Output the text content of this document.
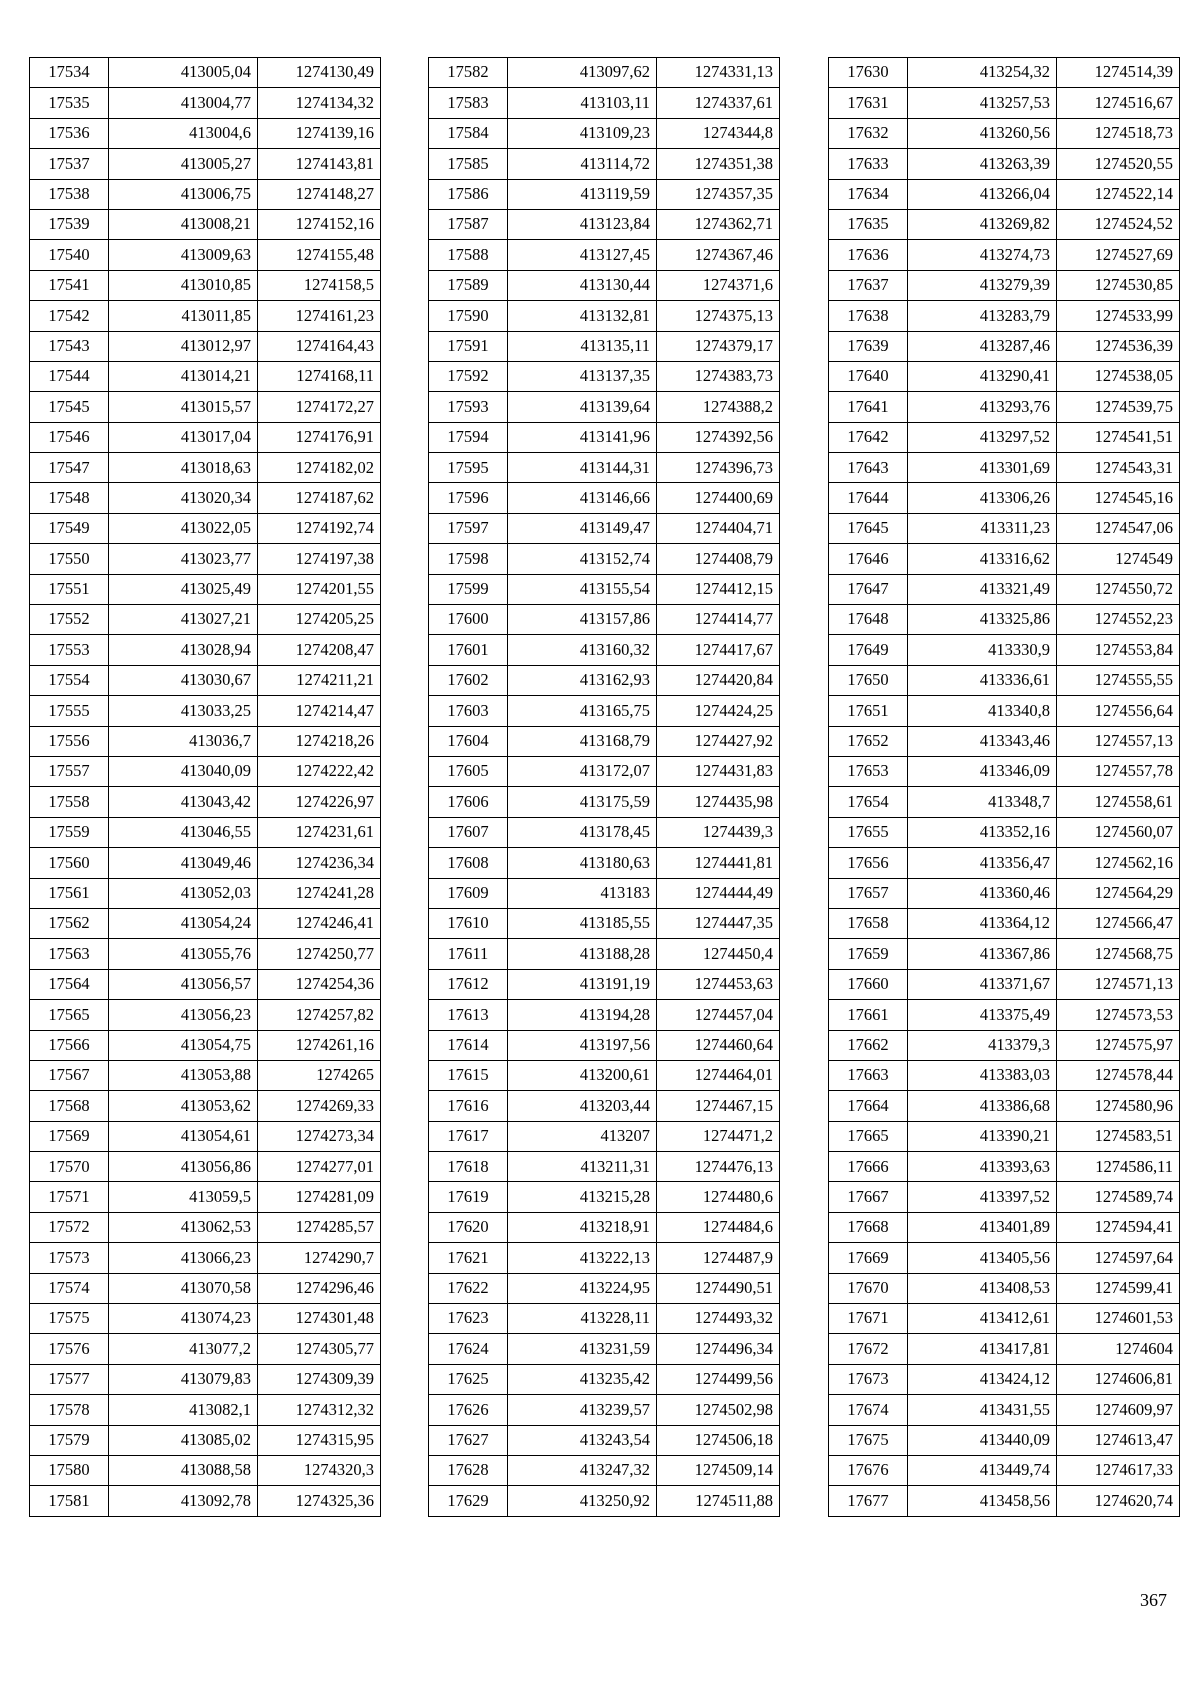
17534	413005,04	1274130,49
17535	413004,77	1274134,32
17536	413004,6	1274139,16
17537	413005,27	1274143,81
17538	413006,75	1274148,27
17539	413008,21	1274152,16
17540	413009,63	1274155,48
17541	413010,85	1274158,5
17542	413011,85	1274161,23
17543	413012,97	1274164,43
17544	413014,21	1274168,11
17545	413015,57	1274172,27
17546	413017,04	1274176,91
17547	413018,63	1274182,02
17548	413020,34	1274187,62
17549	413022,05	1274192,74
17550	413023,77	1274197,38
17551	413025,49	1274201,55
17552	413027,21	1274205,25
17553	413028,94	1274208,47
17554	413030,67	1274211,21
17555	413033,25	1274214,47
17556	413036,7	1274218,26
17557	413040,09	1274222,42
17558	413043,42	1274226,97
17559	413046,55	1274231,61
17560	413049,46	1274236,34
17561	413052,03	1274241,28
17562	413054,24	1274246,41
17563	413055,76	1274250,77
17564	413056,57	1274254,36
17565	413056,23	1274257,82
17566	413054,75	1274261,16
17567	413053,88	1274265
17568	413053,62	1274269,33
17569	413054,61	1274273,34
17570	413056,86	1274277,01
17571	413059,5	1274281,09
17572	413062,53	1274285,57
17573	413066,23	1274290,7
17574	413070,58	1274296,46
17575	413074,23	1274301,48
17576	413077,2	1274305,77
17577	413079,83	1274309,39
17578	413082,1	1274312,32
17579	413085,02	1274315,95
17580	413088,58	1274320,3
17581	413092,78	1274325,36
17582	413097,62	1274331,13
17583	413103,11	1274337,61
17584	413109,23	1274344,8
17585	413114,72	1274351,38
17586	413119,59	1274357,35
17587	413123,84	1274362,71
17588	413127,45	1274367,46
17589	413130,44	1274371,6
17590	413132,81	1274375,13
17591	413135,11	1274379,17
17592	413137,35	1274383,73
17593	413139,64	1274388,2
17594	413141,96	1274392,56
17595	413144,31	1274396,73
17596	413146,66	1274400,69
17597	413149,47	1274404,71
17598	413152,74	1274408,79
17599	413155,54	1274412,15
17600	413157,86	1274414,77
17601	413160,32	1274417,67
17602	413162,93	1274420,84
17603	413165,75	1274424,25
17604	413168,79	1274427,92
17605	413172,07	1274431,83
17606	413175,59	1274435,98
17607	413178,45	1274439,3
17608	413180,63	1274441,81
17609	413183	1274444,49
17610	413185,55	1274447,35
17611	413188,28	1274450,4
17612	413191,19	1274453,63
17613	413194,28	1274457,04
17614	413197,56	1274460,64
17615	413200,61	1274464,01
17616	413203,44	1274467,15
17617	413207	1274471,2
17618	413211,31	1274476,13
17619	413215,28	1274480,6
17620	413218,91	1274484,6
17621	413222,13	1274487,9
17622	413224,95	1274490,51
17623	413228,11	1274493,32
17624	413231,59	1274496,34
17625	413235,42	1274499,56
17626	413239,57	1274502,98
17627	413243,54	1274506,18
17628	413247,32	1274509,14
17629	413250,92	1274511,88
17630	413254,32	1274514,39
17631	413257,53	1274516,67
17632	413260,56	1274518,73
17633	413263,39	1274520,55
17634	413266,04	1274522,14
17635	413269,82	1274524,52
17636	413274,73	1274527,69
17637	413279,39	1274530,85
17638	413283,79	1274533,99
17639	413287,46	1274536,39
17640	413290,41	1274538,05
17641	413293,76	1274539,75
17642	413297,52	1274541,51
17643	413301,69	1274543,31
17644	413306,26	1274545,16
17645	413311,23	1274547,06
17646	413316,62	1274549
17647	413321,49	1274550,72
17648	413325,86	1274552,23
17649	413330,9	1274553,84
17650	413336,61	1274555,55
17651	413340,8	1274556,64
17652	413343,46	1274557,13
17653	413346,09	1274557,78
17654	413348,7	1274558,61
17655	413352,16	1274560,07
17656	413356,47	1274562,16
17657	413360,46	1274564,29
17658	413364,12	1274566,47
17659	413367,86	1274568,75
17660	413371,67	1274571,13
17661	413375,49	1274573,53
17662	413379,3	1274575,97
17663	413383,03	1274578,44
17664	413386,68	1274580,96
17665	413390,21	1274583,51
17666	413393,63	1274586,11
17667	413397,52	1274589,74
17668	413401,89	1274594,41
17669	413405,56	1274597,64
17670	413408,53	1274599,41
17671	413412,61	1274601,53
17672	413417,81	1274604
17673	413424,12	1274606,81
17674	413431,55	1274609,97
17675	413440,09	1274613,47
17676	413449,74	1274617,33
17677	413458,56	1274620,74
367
